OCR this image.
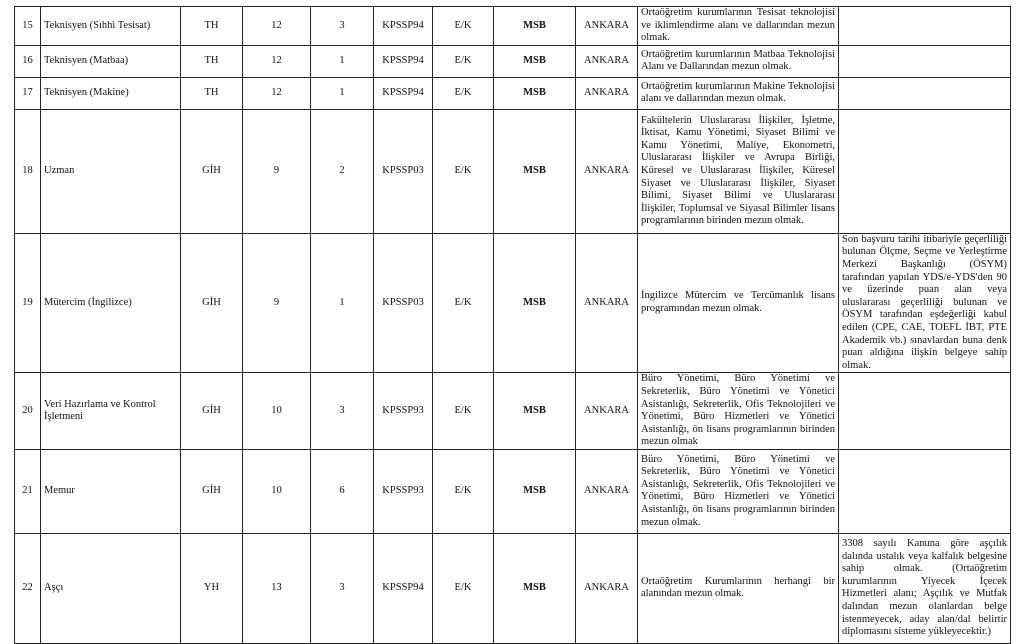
15	Teknisyen (Sıhhi Tesisat)	TH	12	3	KPSSP94	E/K	MSB	ANKARA	Ortaöğretim kurumlarının Tesisat teknolojisi ve iklimlendirme alanı ve dallarından mezun olmak.	
16	Teknisyen (Matbaa)	TH	12	1	KPSSP94	E/K	MSB	ANKARA	Ortaöğretim kurumlarının Matbaa Teknolojisi Alanı ve Dallarından mezun olmak.	
17	Teknisyen (Makine)	TH	12	1	KPSSP94	E/K	MSB	ANKARA	Ortaöğretim kurumlarının Makine Teknolojisi alanı ve dallarından mezun olmak.	
18	Uzman	GİH	9	2	KPSSP03	E/K	MSB	ANKARA	Fakültelerin Uluslararası İlişkiler, İşletme, İktisat, Kamu Yönetimi, Siyaset Bilimi ve Kamu Yönetimi, Maliye, Ekonometri, Uluslararası İlişkiler ve Avrupa Birliği, Küresel ve Uluslararası İlişkiler, Küresel Siyaset ve Uluslararası İlişkiler, Siyaset Bilimi, Siyaset Bilimi ve Uluslararası İlişkiler, Toplumsal ve Siyasal Bilimler lisans programlarının birinden mezun olmak.	
19	Mütercim (İngilizce)	GİH	9	1	KPSSP03	E/K	MSB	ANKARA	İngilizce Mütercim ve Tercümanlık lisans programından mezun olmak.	Son başvuru tarihi itibariyle geçerliliği bulunan Ölçme, Seçme ve Yerleştirme Merkezi Başkanlığı (ÖSYM) tarafından yapılan YDS/e-YDS'den 90 ve üzerinde puan alan veya uluslararası geçerliliği bulunan ve ÖSYM tarafından eşdeğerliği kabul edilen (CPE, CAE, TOEFL İBT, PTE Akademik vb.) sınavlardan buna denk puan aldığına ilişkin belgeye sahip olmak.
20	Veri Hazırlama ve Kontrol İşletmeni	GİH	10	3	KPSSP93	E/K	MSB	ANKARA	Büro Yönetimi, Büro Yönetimi ve Sekreterlik, Büro Yönetimi ve Yönetici Asistanlığı, Sekreterlik, Ofis Teknolojileri ve Yönetimi, Büro Hizmetleri ve Yönetici Asistanlığı, ön lisans programlarının birinden mezun olmak	
21	Memur	GİH	10	6	KPSSP93	E/K	MSB	ANKARA	Büro Yönetimi, Büro Yönetimi ve Sekreterlik, Büro Yönetimi ve Yönetici Asistanlığı, Sekreterlik, Ofis Teknolojileri ve Yönetimi, Büro Hizmetleri ve Yönetici Asistanlığı, ön lisans programlarının birinden mezun olmak.	
22	Aşçı	YH	13	3	KPSSP94	E/K	MSB	ANKARA	Ortaöğretim Kurumlarının herhangi bir alanından mezun olmak.	3308 sayılı Kanuna göre aşçılık dalında ustalık veya kalfalık belgesine sahip olmak. (Ortaöğretim kurumlarının Yiyecek İçecek Hizmetleri alanı; Aşçılık ve Mutfak dalından mezun olanlardan belge istenmeyecek, aday alan/dal belirtir diplomasını sisteme yükleyecektir.)
